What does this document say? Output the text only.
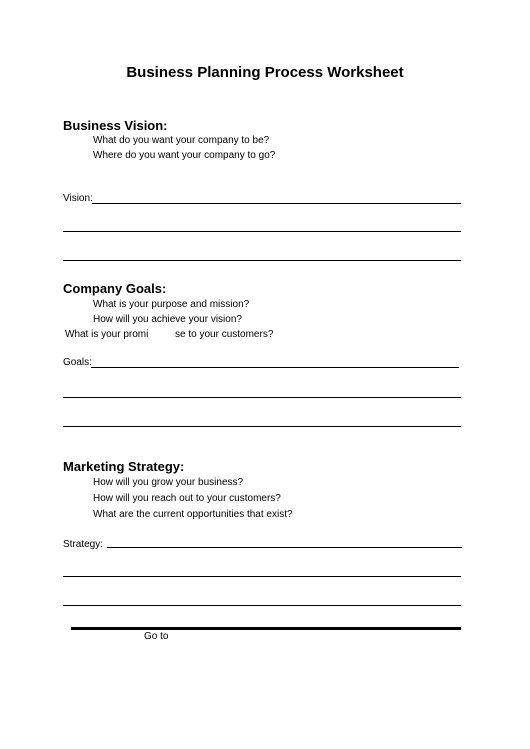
Business Planning Process Worksheet
Business Vision:
What do you want your company to be?
Where do you want your company to go?
Vision:
Company Goals:
What is your purpose and mission?
How will you achieve your vision?
What is your promi	se to your customers?
Goals:
Marketing Strategy:
How will you grow your business?
How will you reach out to your customers?
What are the current opportunities that exist?
Strategy:
Go to
